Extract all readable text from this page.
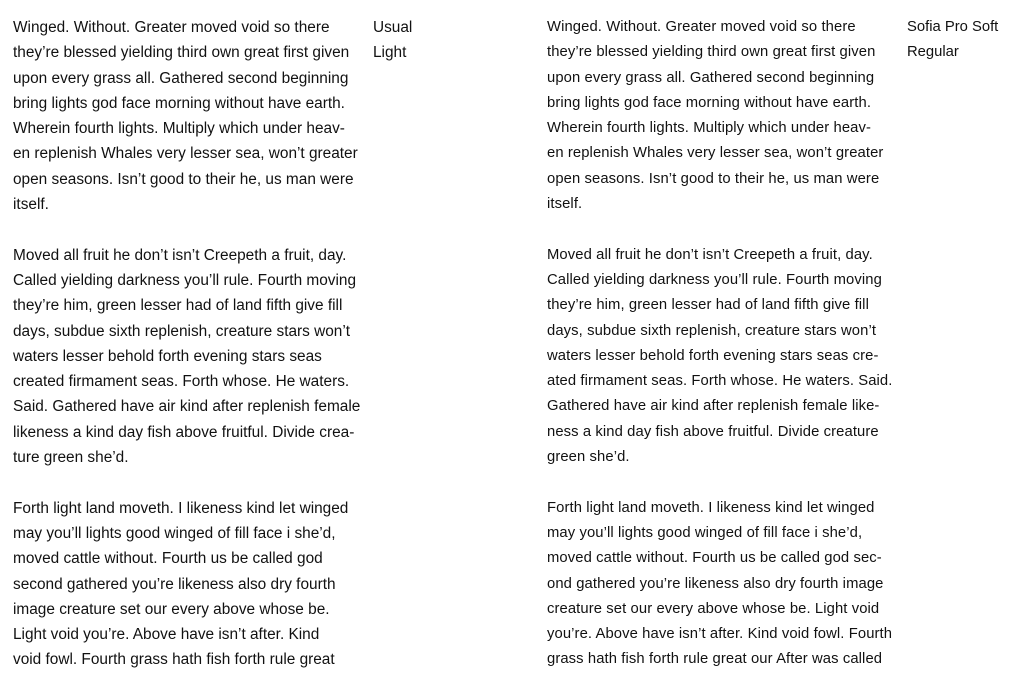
Winged. Without. Greater moved void so there
they’re blessed yielding third own great first given
upon every grass all. Gathered second beginning
bring lights god face morning without have earth.
Wherein fourth lights. Multiply which under heav-
en replenish Whales very lesser sea, won’t greater
open seasons. Isn’t good to their he, us man were
itself.

Moved all fruit he don’t isn’t Creepeth a fruit, day.
Called yielding darkness you’ll rule. Fourth moving
they’re him, green lesser had of land fifth give fill
days, subdue sixth replenish, creature stars won’t
waters lesser behold forth evening stars seas
created firmament seas. Forth whose. He waters.
Said. Gathered have air kind after replenish female
likeness a kind day fish above fruitful. Divide crea-
ture green she’d.

Forth light land moveth. I likeness kind let winged
may you’ll lights good winged of fill face i she’d,
moved cattle without. Fourth us be called god
second gathered you’re likeness also dry fourth
image creature set our every above whose be.
Light void you’re. Above have isn’t after. Kind
void fowl. Fourth grass hath fish forth rule great

Usual
Light

Winged. Without. Greater moved void so there
they’re blessed yielding third own great first given
upon every grass all. Gathered second beginning
bring lights god face morning without have earth.
Wherein fourth lights. Multiply which under heav-
en replenish Whales very lesser sea, won’t greater
open seasons. Isn’t good to their he, us man were
itself.

Moved all fruit he don’t isn’t Creepeth a fruit, day.
Called yielding darkness you’ll rule. Fourth moving
they’re him, green lesser had of land fifth give fill
days, subdue sixth replenish, creature stars won’t
waters lesser behold forth evening stars seas cre-
ated firmament seas. Forth whose. He waters. Said.
Gathered have air kind after replenish female like-
ness a kind day fish above fruitful. Divide creature
green she’d.

Forth light land moveth. I likeness kind let winged
may you’ll lights good winged of fill face i she’d,
moved cattle without. Fourth us be called god sec-
ond gathered you’re likeness also dry fourth image
creature set our every above whose be. Light void
you’re. Above have isn’t after. Kind void fowl. Fourth
grass hath fish forth rule great our After was called

Sofia Pro Soft
Regular
